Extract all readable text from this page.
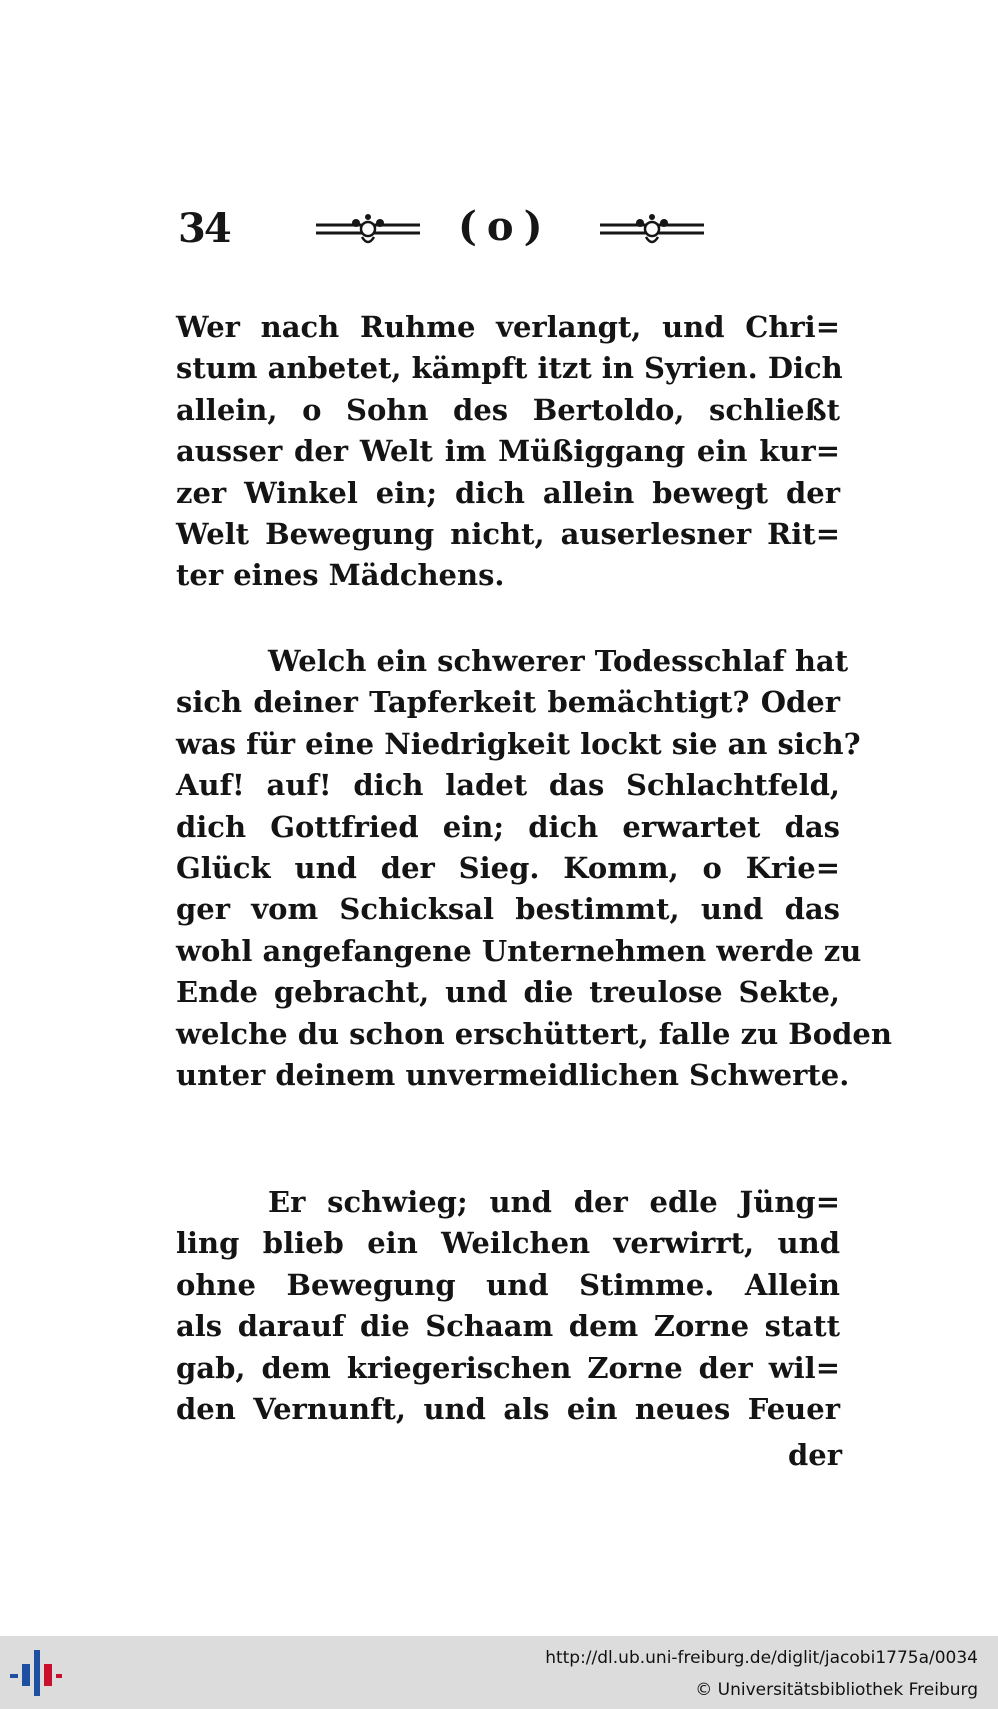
34	(o)
Wer nach Ruhme verlangt, und Chri=
stum anbetet, kämpft itzt in Syrien. Dich
allein, o Sohn des Bertoldo, schließt
ausser der Welt im Müßiggang ein kur=
zer Winkel ein; dich allein bewegt der
Welt Bewegung nicht, auserlesner Rit=
ter eines Mädchens.
Welch ein schwerer Todesschlaf hat
sich deiner Tapferkeit bemächtigt? Oder
was für eine Niedrigkeit lockt sie an sich?
Auf! auf! dich ladet das Schlachtfeld,
dich Gottfried ein; dich erwartet das
Glück und der Sieg. Komm, o Krie=
ger vom Schicksal bestimmt, und das
wohl angefangene Unternehmen werde zu
Ende gebracht, und die treulose Sekte,
welche du schon erschüttert, falle zu Boden
unter deinem unvermeidlichen Schwerte.
Er schwieg; und der edle Jüng=
ling blieb ein Weilchen verwirrt, und
ohne Bewegung und Stimme. Allein
als darauf die Schaam dem Zorne statt
gab, dem kriegerischen Zorne der wil=
den Vernunft, und als ein neues Feuer
der
http://dl.ub.uni-freiburg.de/diglit/jacobi1775a/0034
© Universitätsbibliothek Freiburg
